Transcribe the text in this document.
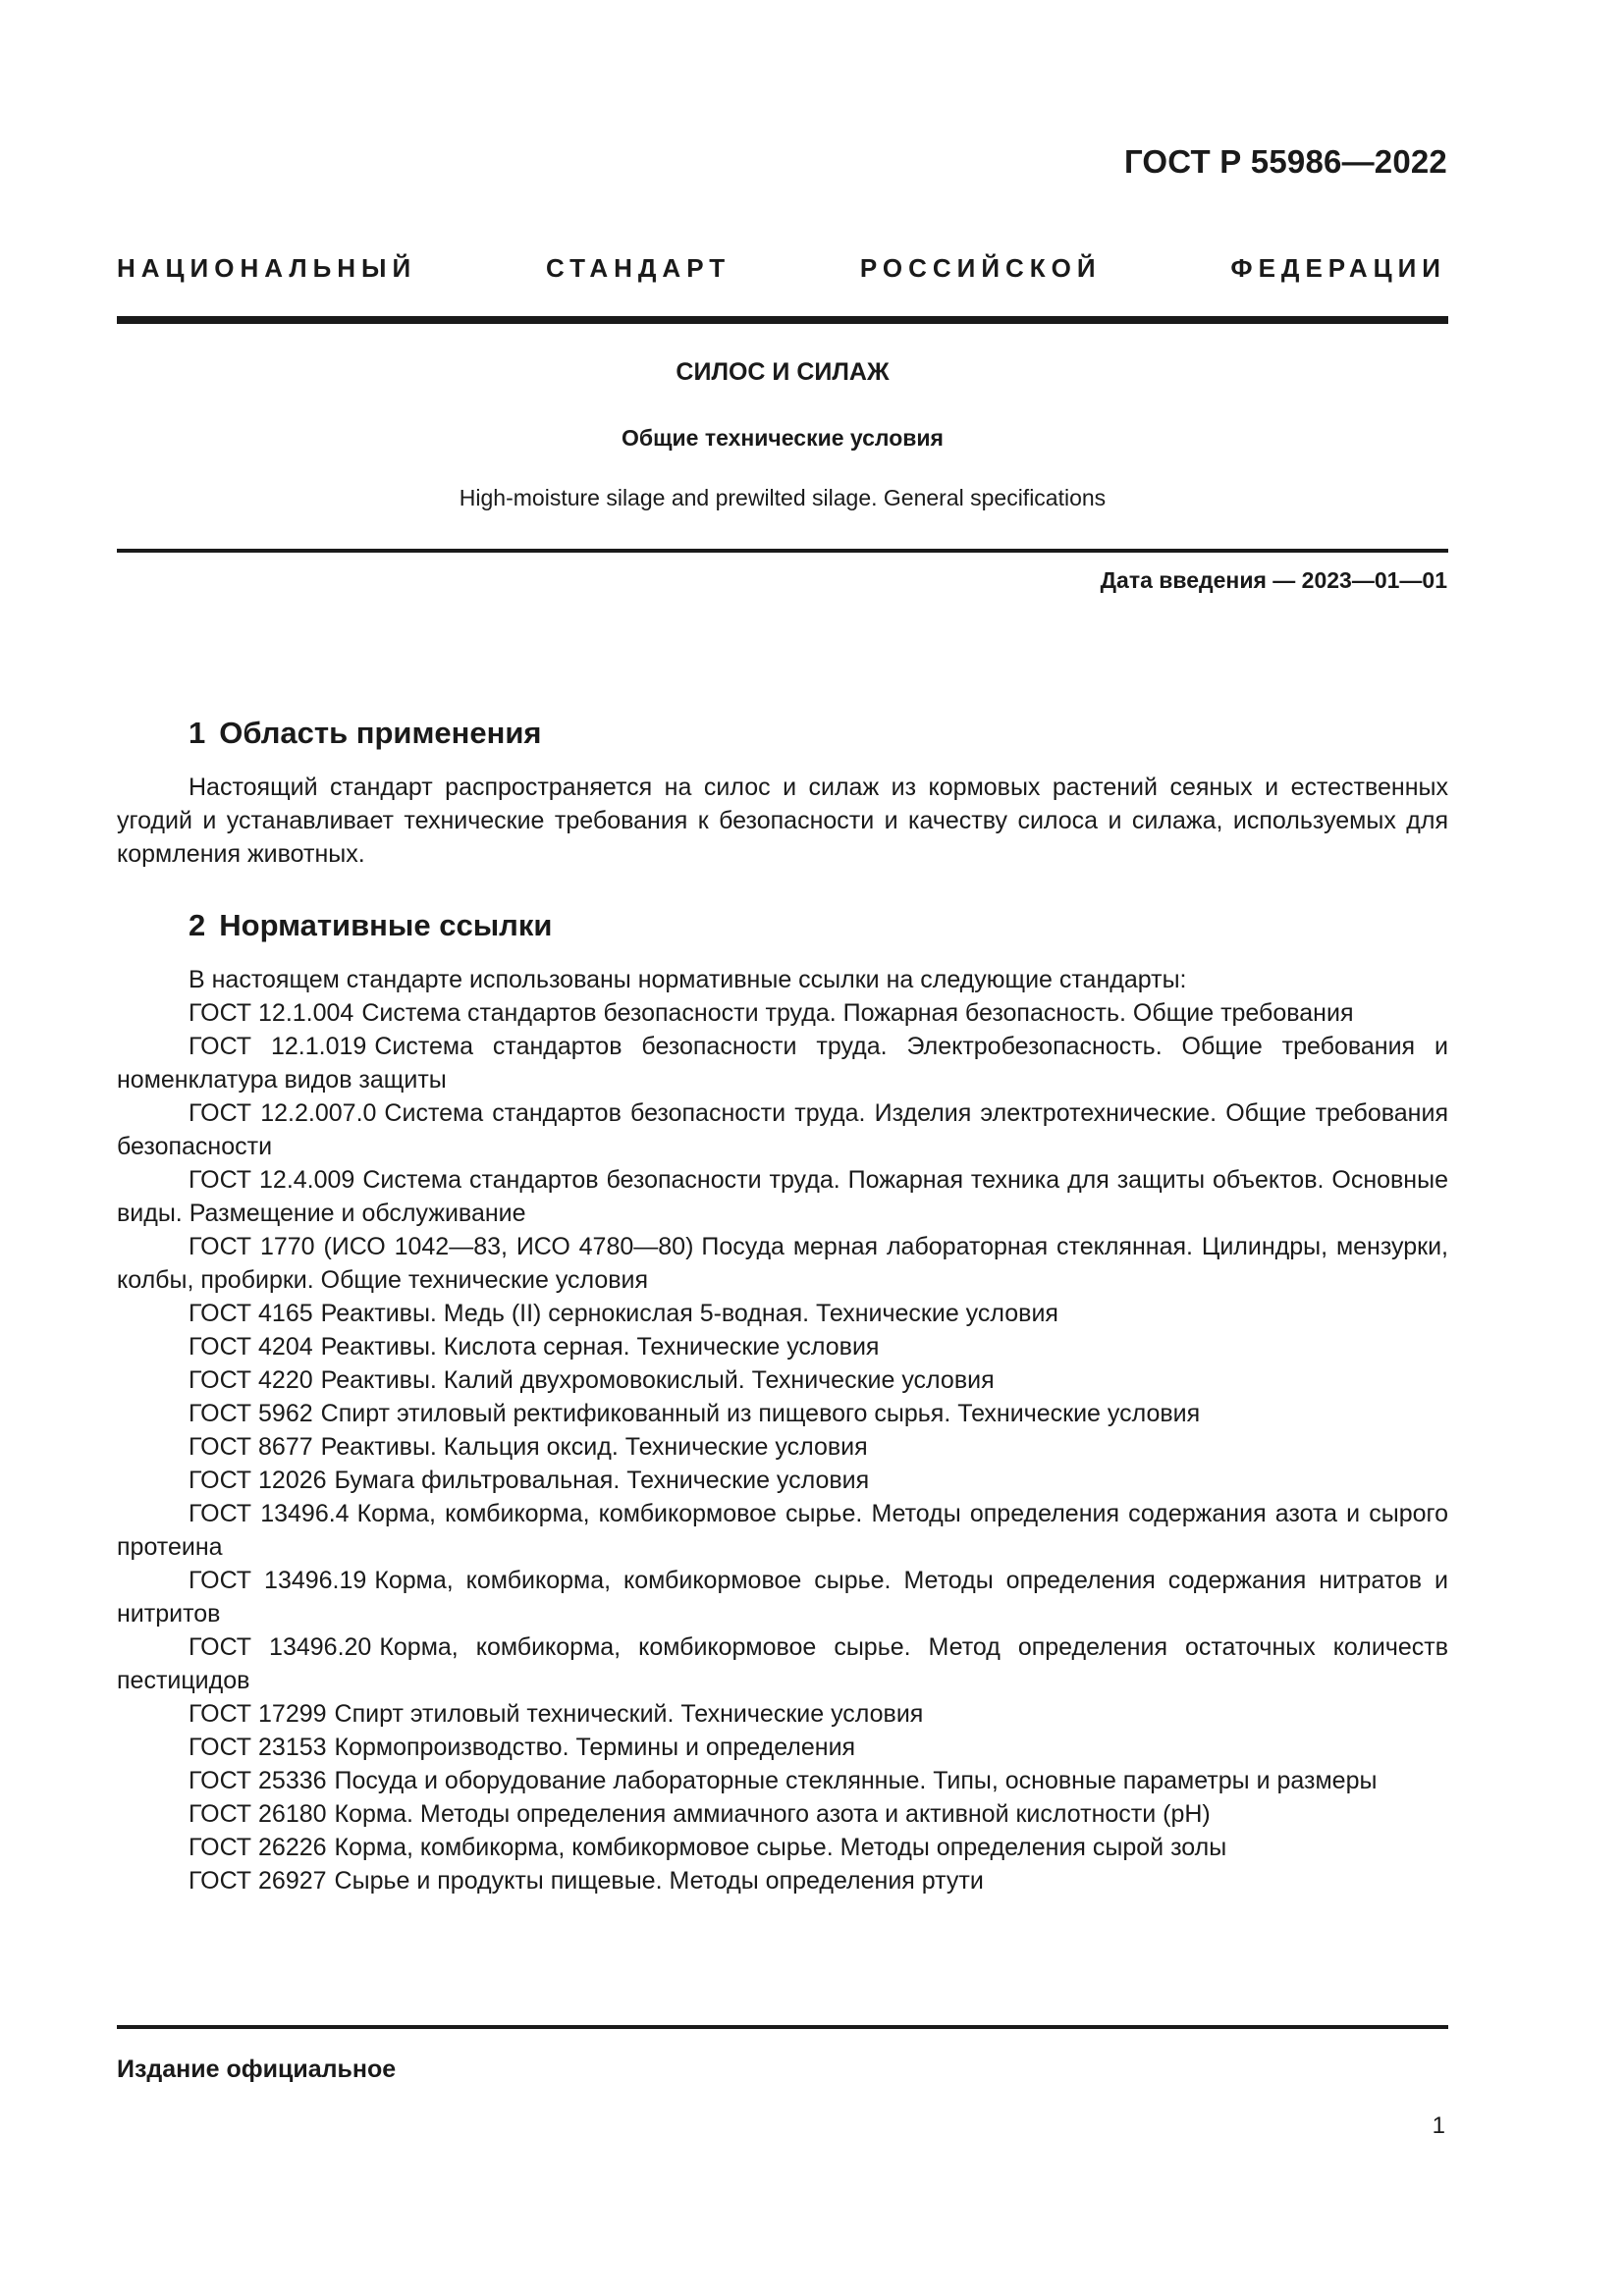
ГОСТ Р 55986—2022
НАЦИОНАЛЬНЫЙ СТАНДАРТ РОССИЙСКОЙ ФЕДЕРАЦИИ
СИЛОС И СИЛАЖ
Общие технические условия
High-moisture silage and prewilted silage. General specifications
Дата введения — 2023—01—01
1 Область применения

Настоящий стандарт распространяется на силос и силаж из кормовых растений сеяных и естественных угодий и устанавливает технические требования к безопасности и качеству силоса и силажа, используемых для кормления животных.

2 Нормативные ссылки

В настоящем стандарте использованы нормативные ссылки на следующие стандарты:

ГОСТ 12.1.004 Система стандартов безопасности труда. Пожарная безопасность. Общие требования

ГОСТ 12.1.019 Система стандартов безопасности труда. Электробезопасность. Общие требования и номенклатура видов защиты

ГОСТ 12.2.007.0 Система стандартов безопасности труда. Изделия электротехнические. Общие требования безопасности

ГОСТ 12.4.009 Система стандартов безопасности труда. Пожарная техника для защиты объектов. Основные виды. Размещение и обслуживание

ГОСТ 1770 (ИСО 1042—83, ИСО 4780—80) Посуда мерная лабораторная стеклянная. Цилиндры, мензурки, колбы, пробирки. Общие технические условия

ГОСТ 4165 Реактивы. Медь (II) сернокислая 5-водная. Технические условия

ГОСТ 4204 Реактивы. Кислота серная. Технические условия

ГОСТ 4220 Реактивы. Калий двухромовокислый. Технические условия

ГОСТ 5962 Спирт этиловый ректификованный из пищевого сырья. Технические условия

ГОСТ 8677 Реактивы. Кальция оксид. Технические условия

ГОСТ 12026 Бумага фильтровальная. Технические условия

ГОСТ 13496.4 Корма, комбикорма, комбикормовое сырье. Методы определения содержания азота и сырого протеина

ГОСТ 13496.19 Корма, комбикорма, комбикормовое сырье. Методы определения содержания нитратов и нитритов

ГОСТ 13496.20 Корма, комбикорма, комбикормовое сырье. Метод определения остаточных количеств пестицидов

ГОСТ 17299 Спирт этиловый технический. Технические условия

ГОСТ 23153 Кормопроизводство. Термины и определения

ГОСТ 25336 Посуда и оборудование лабораторные стеклянные. Типы, основные параметры и размеры

ГОСТ 26180 Корма. Методы определения аммиачного азота и активной кислотности (pH)

ГОСТ 26226 Корма, комбикорма, комбикормовое сырье. Методы определения сырой золы

ГОСТ 26927 Сырье и продукты пищевые. Методы определения ртути

Издание официальное
1
